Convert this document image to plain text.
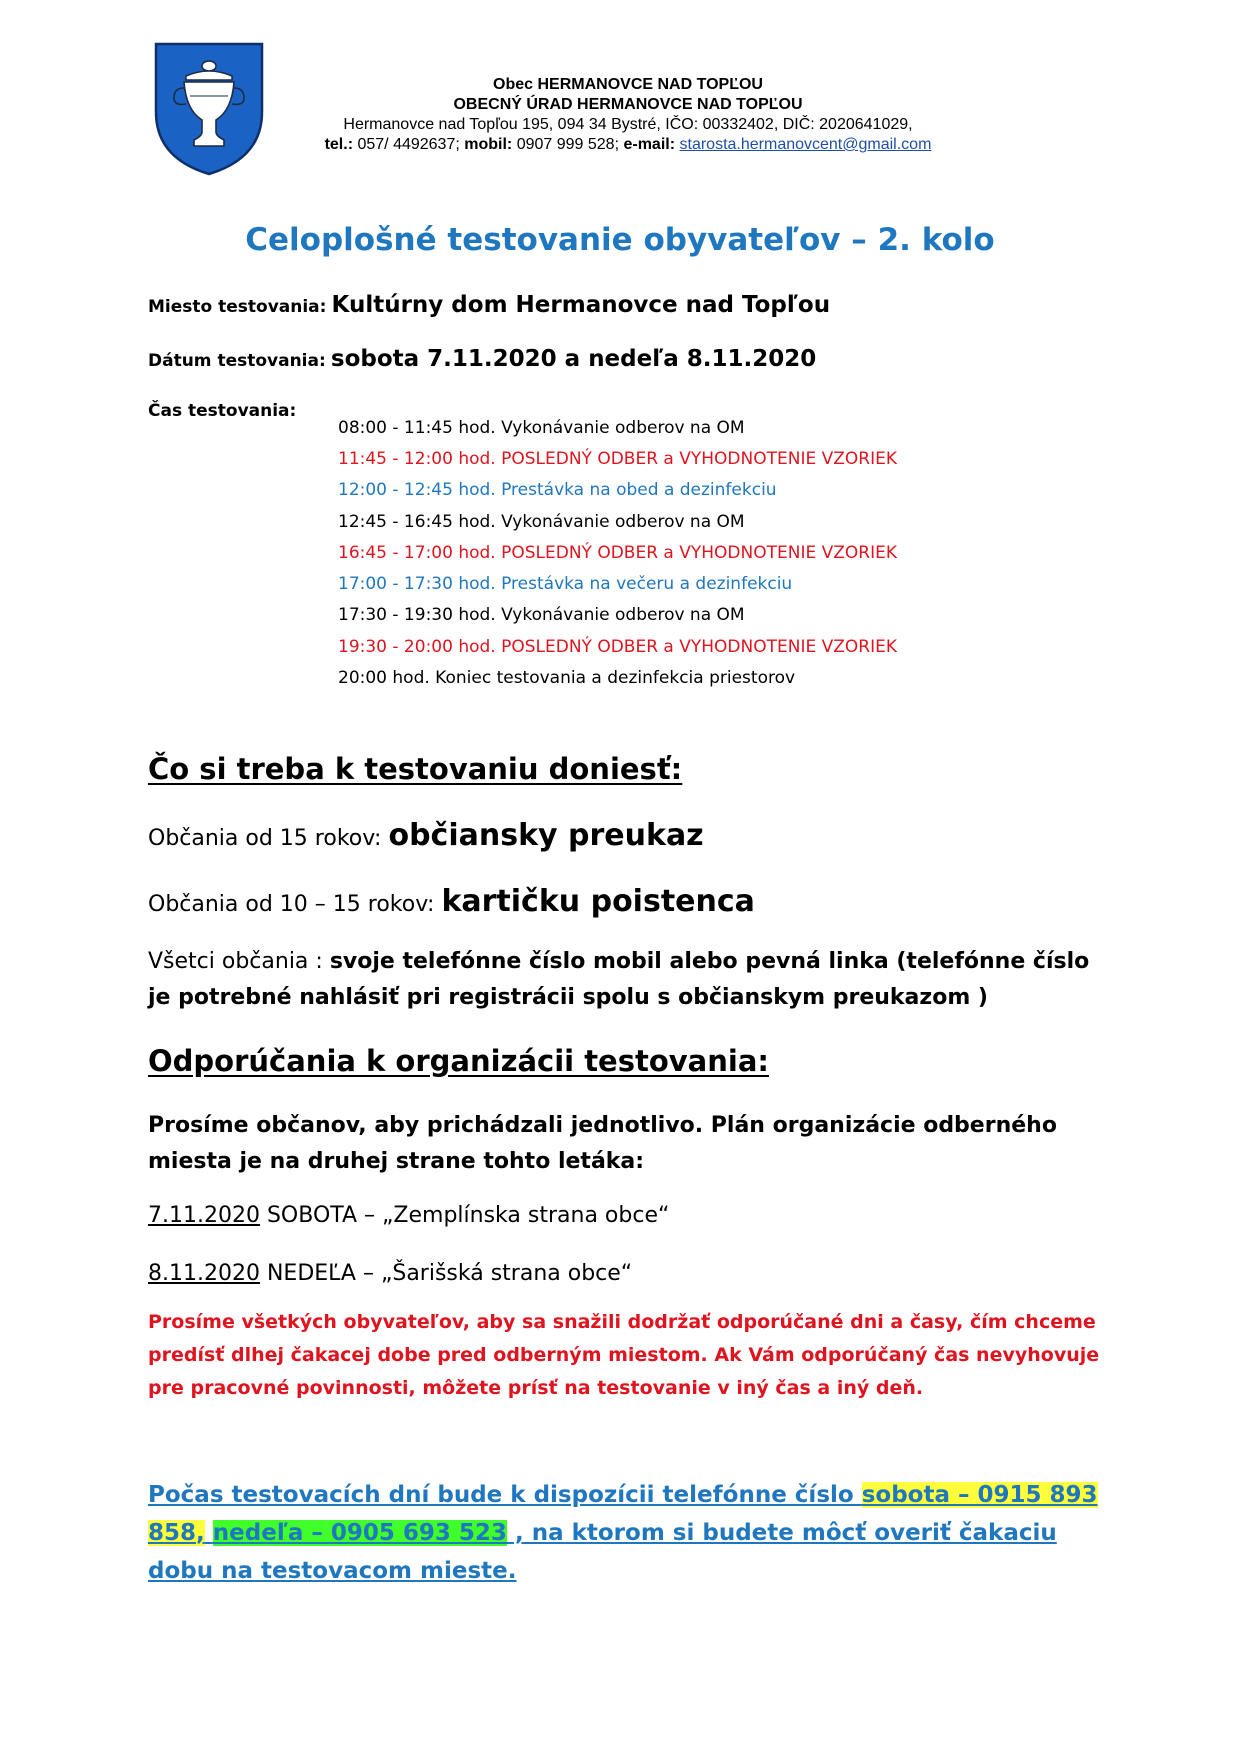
Obec HERMANOVCE NAD TOPĽOU
OBECNÝ ÚRAD HERMANOVCE NAD TOPĽOU
Hermanovce nad Topľou 195, 094 34 Bystré, IČO: 00332402, DIČ: 2020641029,
tel.: 057/ 4492637; mobil: 0907 999 528; e-mail: starosta.hermanovcent@gmail.com
Celoplošné testovanie obyvateľov – 2. kolo
Miesto testovania: Kultúrny dom Hermanovce nad Topľou
Dátum testovania: sobota 7.11.2020 a nedeľa 8.11.2020
Čas testovania:
08:00 - 11:45 hod. Vykonávanie odberov na OM
11:45 - 12:00 hod. POSLEDNÝ ODBER a VYHODNOTENIE VZORIEK
12:00 - 12:45 hod. Prestávka na obed a dezinfekciu
12:45 - 16:45 hod. Vykonávanie odberov na OM
16:45 - 17:00 hod. POSLEDNÝ ODBER a VYHODNOTENIE VZORIEK
17:00 - 17:30 hod. Prestávka na večeru a dezinfekciu
17:30 - 19:30 hod. Vykonávanie odberov na OM
19:30 - 20:00 hod. POSLEDNÝ ODBER a VYHODNOTENIE VZORIEK
20:00 hod. Koniec testovania a dezinfekcia priestorov
Čo si treba k testovaniu doniesť:
Občania od 15 rokov: občiansky preukaz
Občania od 10 – 15 rokov: kartičku poistenca
Všetci občania : svoje telefónne číslo mobil alebo pevná linka (telefónne číslo je potrebné nahlásiť pri registrácii spolu s občianskym preukazom )
Odporúčania k organizácii testovania:
Prosíme občanov, aby prichádzali jednotlivo. Plán organizácie odberného miesta je na druhej strane tohto letáka:
7.11.2020 SOBOTA – „Zemplínska strana obce“
8.11.2020 NEDEĽA – „Šarišská strana obce“
Prosíme všetkých obyvateľov, aby sa snažili dodržať odporúčané dni a časy, čím chceme predísť dlhej čakacej dobe pred odberným miestom. Ak Vám odporúčaný čas nevyhovuje pre pracovné povinnosti, môžete prísť na testovanie v iný čas a iný deň.
Počas testovacích dní bude k dispozícii telefónne číslo sobota – 0915 893 858, nedeľa – 0905 693 523 , na ktorom si budete môcť overiť čakaciu dobu na testovacom mieste.
